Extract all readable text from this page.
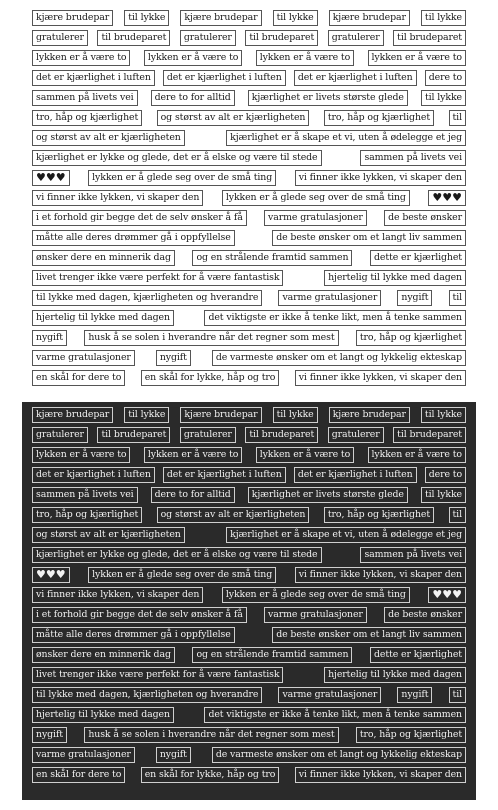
kjære brudepar	til lykke	kjære brudepar	til lykke	kjære brudepar	til lykke
gratulerer	til brudeparet	gratulerer	til brudeparet	gratulerer	til brudeparet
lykken er å være to	lykken er å være to	lykken er å være to	lykken er å være to
det er kjærlighet i luften	det er kjærlighet i luften	det er kjærlighet i luften	dere to
sammen på livets vei	dere to for alltid	kjærlighet er livets største glede	til lykke
tro, håp og kjærlighet	og størst av alt er kjærligheten	tro, håp og kjærlighet	til
og størst av alt er kjærligheten	kjærlighet er å skape et vi, uten å ødelegge et jeg
kjærlighet er lykke og glede, det er å elske og være til stede	sammen på livets vei
♥♥♥	lykken er å glede seg over de små ting	vi finner ikke lykken, vi skaper den
vi finner ikke lykken, vi skaper den	lykken er å glede seg over de små ting	♥♥♥
i et forhold gir begge det de selv ønsker å få	varme gratulasjoner	de beste ønsker
måtte alle deres drømmer gå i oppfyllelse	de beste ønsker om et langt liv sammen
ønsker dere en minnerik dag	og en strålende framtid sammen	dette er kjærlighet
livet trenger ikke være perfekt for å være fantastisk	hjertelig til lykke med dagen
til lykke med dagen, kjærligheten og hverandre	varme gratulasjoner	nygift	til
hjertelig til lykke med dagen	det viktigste er ikke å tenke likt, men å tenke sammen
nygift	husk å se solen i hverandre når det regner som mest	tro, håp og kjærlighet
varme gratulasjoner	nygift	de varmeste ønsker om et langt og lykkelig ekteskap
en skål for dere to	en skål for lykke, håp og tro	vi finner ikke lykken, vi skaper den
kjære brudepar	til lykke	kjære brudepar	til lykke	kjære brudepar	til lykke
gratulerer	til brudeparet	gratulerer	til brudeparet	gratulerer	til brudeparet
lykken er å være to	lykken er å være to	lykken er å være to	lykken er å være to
det er kjærlighet i luften	det er kjærlighet i luften	det er kjærlighet i luften	dere to
sammen på livets vei	dere to for alltid	kjærlighet er livets største glede	til lykke
tro, håp og kjærlighet	og størst av alt er kjærligheten	tro, håp og kjærlighet	til
og størst av alt er kjærligheten	kjærlighet er å skape et vi, uten å ødelegge et jeg
kjærlighet er lykke og glede, det er å elske og være til stede	sammen på livets vei
♥♥♥	lykken er å glede seg over de små ting	vi finner ikke lykken, vi skaper den
vi finner ikke lykken, vi skaper den	lykken er å glede seg over de små ting	♥♥♥
i et forhold gir begge det de selv ønsker å få	varme gratulasjoner	de beste ønsker
måtte alle deres drømmer gå i oppfyllelse	de beste ønsker om et langt liv sammen
ønsker dere en minnerik dag	og en strålende framtid sammen	dette er kjærlighet
livet trenger ikke være perfekt for å være fantastisk	hjertelig til lykke med dagen
til lykke med dagen, kjærligheten og hverandre	varme gratulasjoner	nygift	til
hjertelig til lykke med dagen	det viktigste er ikke å tenke likt, men å tenke sammen
nygift	husk å se solen i hverandre når det regner som mest	tro, håp og kjærlighet
varme gratulasjoner	nygift	de varmeste ønsker om et langt og lykkelig ekteskap
en skål for dere to	en skål for lykke, håp og tro	vi finner ikke lykken, vi skaper den
